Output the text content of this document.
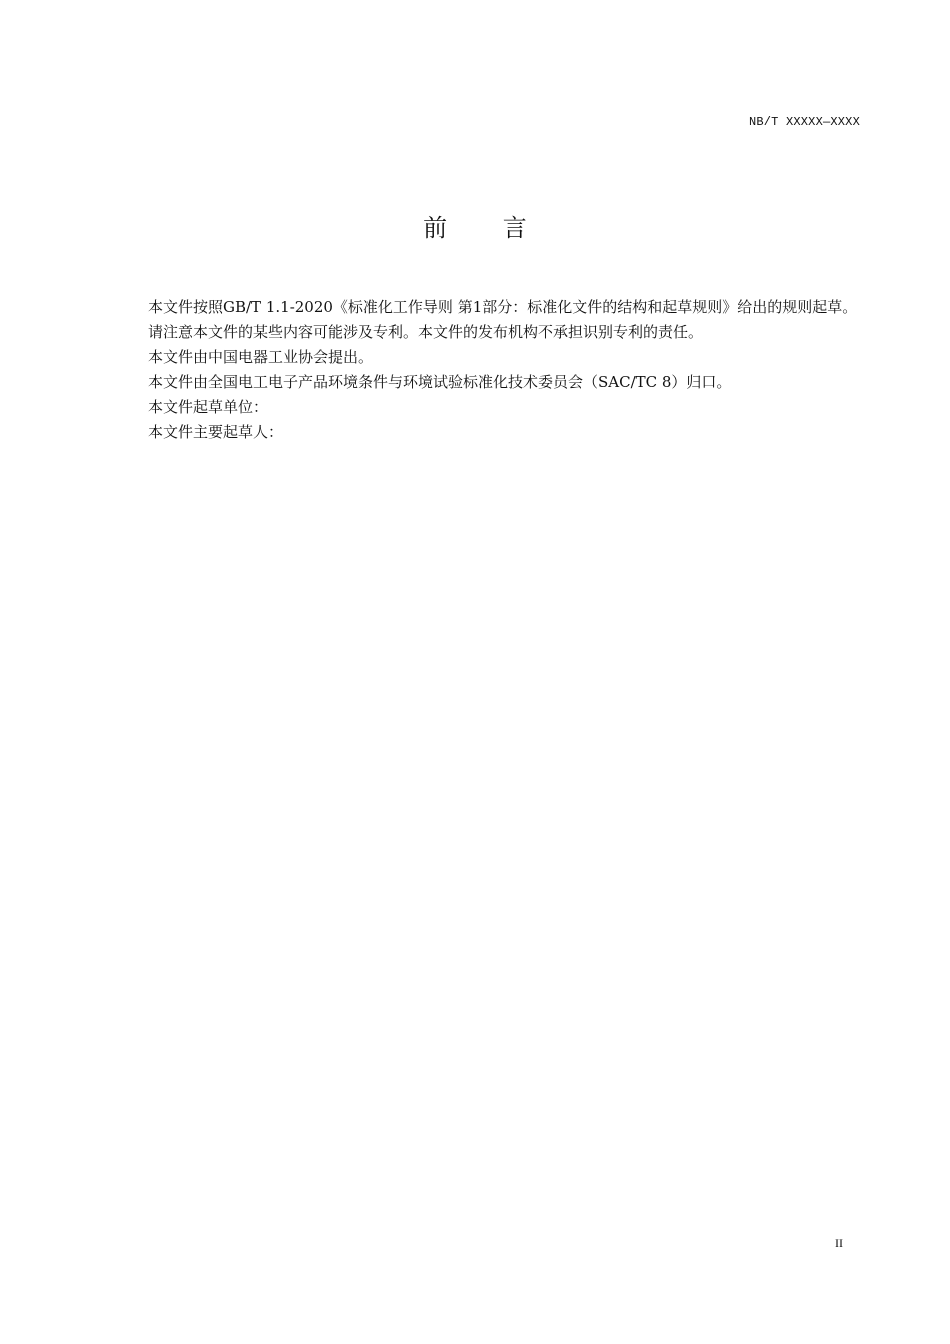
NB/T XXXXX—XXXX
前 言

本文件按照GB/T 1.1-2020《标准化工作导则 第1部分：标准化文件的结构和起草规则》给出的规则起草。

请注意本文件的某些内容可能涉及专利。本文件的发布机构不承担识别专利的责任。

本文件由中国电器工业协会提出。

本文件由全国电工电子产品环境条件与环境试验标准化技术委员会（SAC/TC 8）归口。

本文件起草单位：

本文件主要起草人：

II
